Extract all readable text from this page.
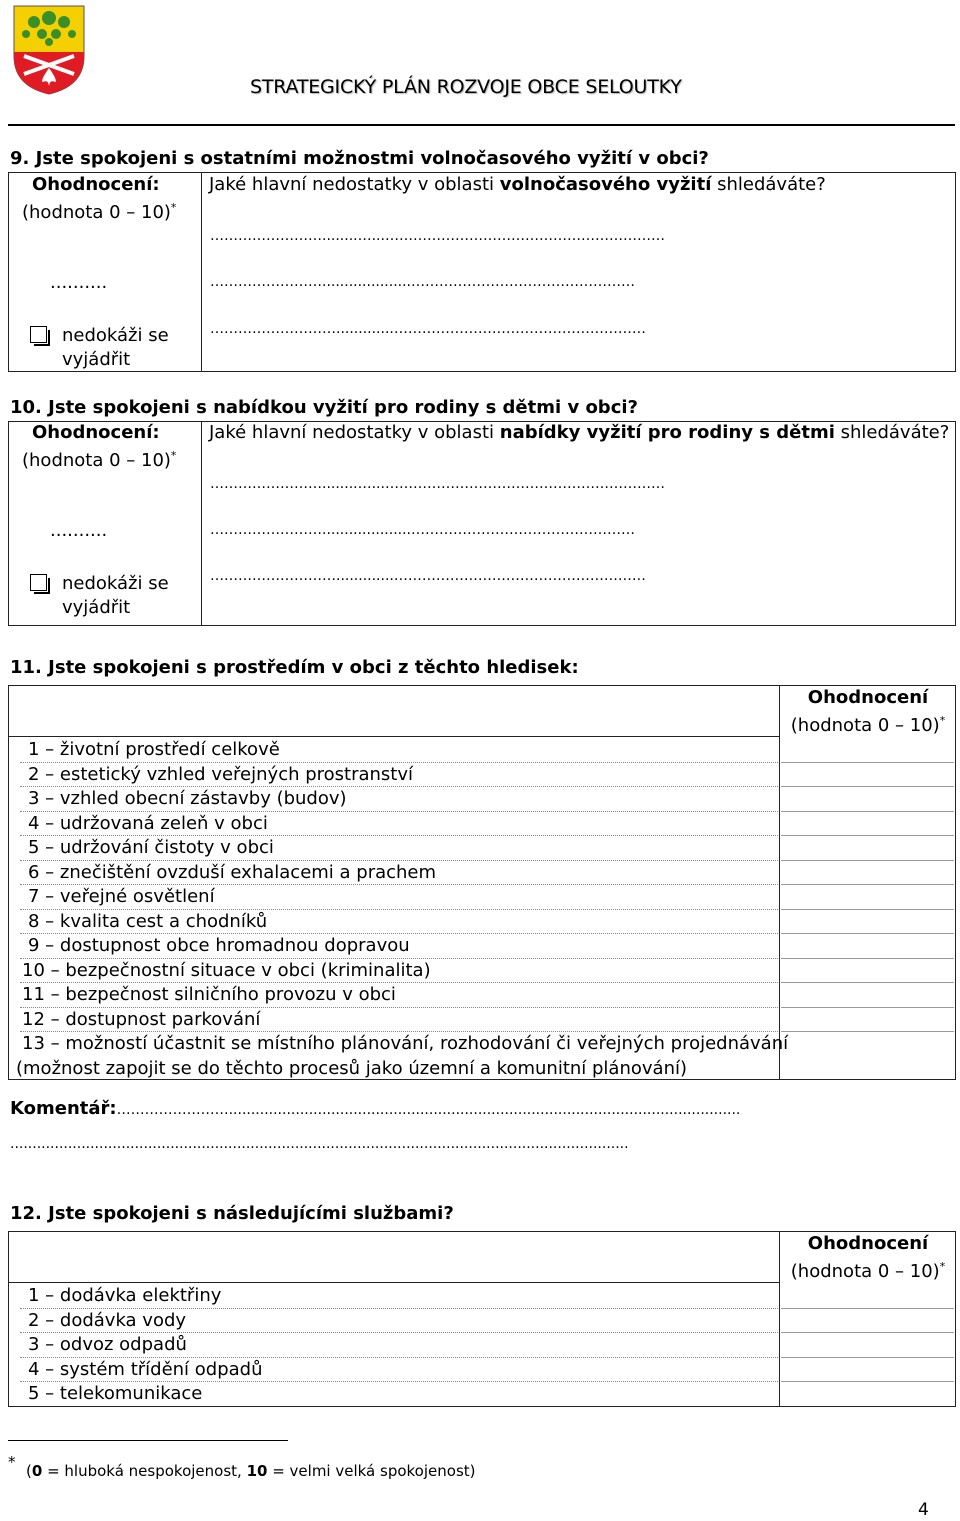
STRATEGICKÝ PLÁN ROZVOJE OBCE SELOUTKY
9. Jste spokojeni s ostatními možnostmi volnočasového vyžití v obci?
Ohodnocení:
(hodnota 0 – 10)*
..........
nedokáži se
vyjádřit
Jaké hlavní nedostatky v oblasti volnočasového vyžití shledáváte?
……………………........…...……………………………………………………
……………………....................…………………………………………
……………………….............………………………………………………
10. Jste spokojeni s nabídkou vyžití pro rodiny s dětmi v obci?
Ohodnocení:
(hodnota 0 – 10)*
..........
nedokáži se
vyjádřit
Jaké hlavní nedostatky v oblasti nabídky vyžití pro rodiny s dětmi shledáváte?
……………………........…...……………………………………………………
……………………....................…………………………………………
……………………….............………………………………………………
11. Jste spokojeni s prostředím v obci z těchto hledisek:
Ohodnocení
(hodnota 0 – 10)*
1 – životní prostředí celkově
2 – estetický vzhled veřejných prostranství
3 – vzhled obecní zástavby (budov)
4 – udržovaná zeleň v obci
5 – udržování čistoty v obci
6 – znečištění ovzduší exhalacemi a prachem
7 – veřejné osvětlení
8 – kvalita cest a chodníků
9 – dostupnost obce hromadnou dopravou
10 – bezpečnostní situace v obci (kriminalita)
11 – bezpečnost silničního provozu v obci
12 – dostupnost parkování
13 – možností účastnit se místního plánování, rozhodování či veřejných projednávání
(možnost zapojit se do těchto procesů jako územní a komunitní plánování)
Komentář:……………………...................................................................................................................
...........................................................................................................................................
12. Jste spokojeni s následujícími službami?
Ohodnocení
(hodnota 0 – 10)*
1 – dodávka elektřiny
2 – dodávka vody
3 – odvoz odpadů
4 – systém třídění odpadů
5 – telekomunikace
* (0 = hluboká nespokojenost, 10 = velmi velká spokojenost)
4
